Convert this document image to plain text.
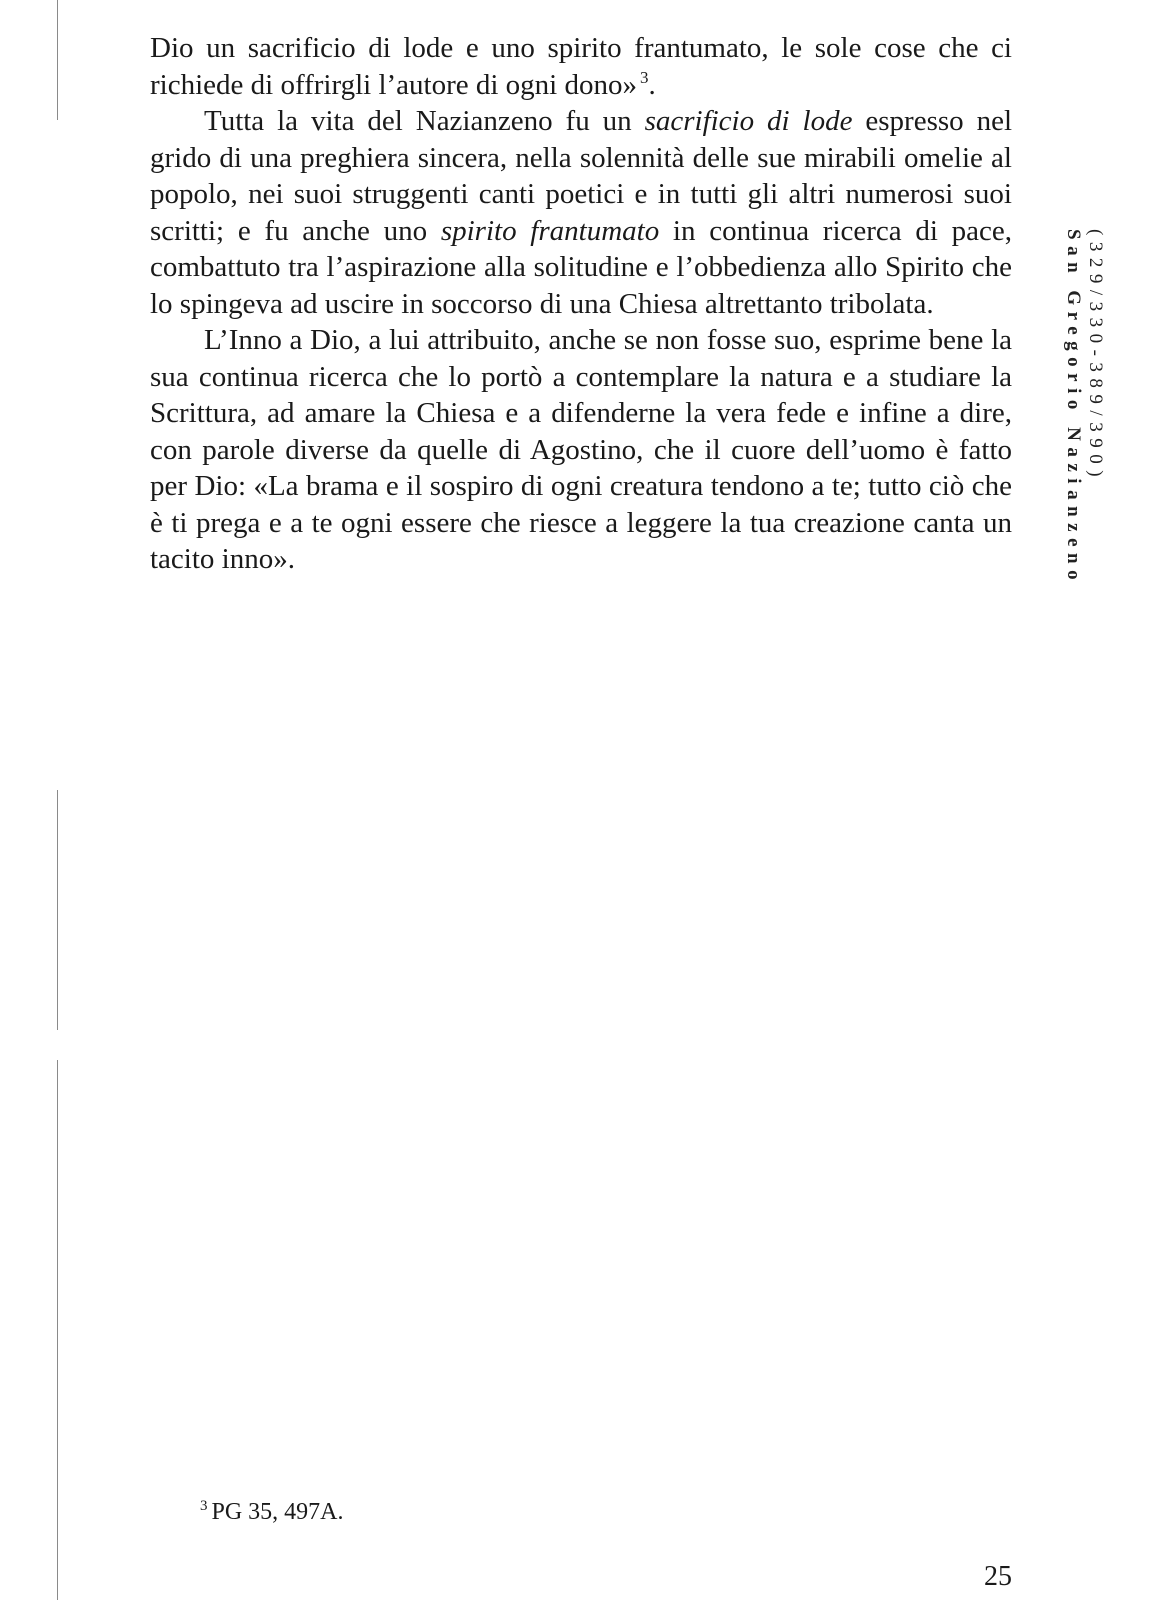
Dio un sacrificio di lode e uno spirito frantumato, le sole cose che ci richiede di offrirgli l’autore di ogni dono» $^3$.

Tutta la vita del Nazianzeno fu un sacrificio di lode espresso nel grido di una preghiera sincera, nella solennità delle sue mirabili omelie al popolo, nei suoi struggenti canti poetici e in tutti gli altri numerosi suoi scritti; e fu anche uno spirito frantumato in continua ricerca di pace, combattuto tra l’aspirazione alla solitudine e l’obbedienza allo Spirito che lo spingeva ad uscire in soccorso di una Chiesa altrettanto tribolata.

L’Inno a Dio, a lui attribuito, anche se non fosse suo, esprime bene la sua continua ricerca che lo portò a contemplare la natura e a studiare la Scrittura, ad amare la Chiesa e a difenderne la vera fede e infine a dire, con parole diverse da quelle di Agostino, che il cuore dell’uomo è fatto per Dio: «La brama e il sospiro di ogni creatura tendono a te; tutto ciò che è ti prega e a te ogni essere che riesce a leggere la tua creazione canta un tacito inno».

$^3$ PG 35, 497A.
25
San Gregorio Nazianzeno (329/330-389/390)
